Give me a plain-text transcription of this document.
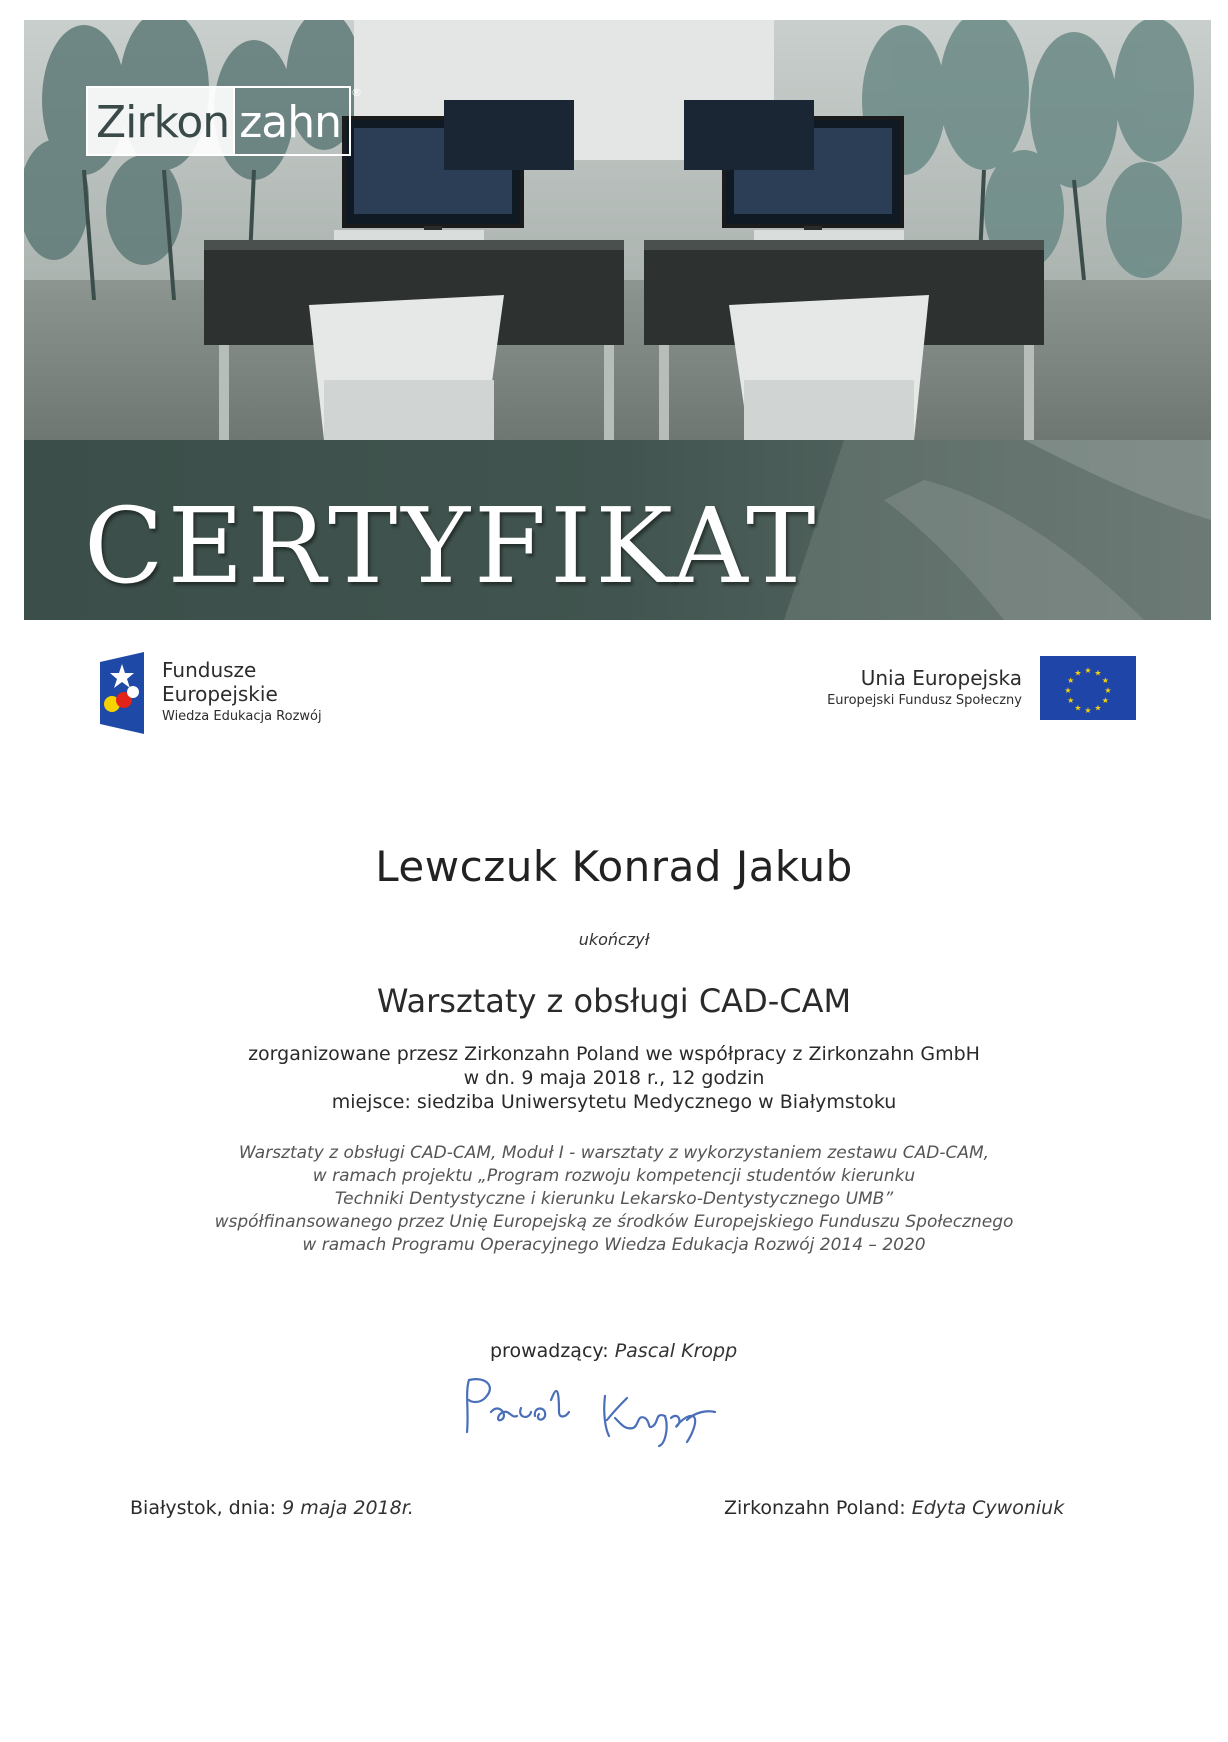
Zirkon zahn
®
CERTYFIKAT
Fundusze
Europejskie
Wiedza Edukacja Rozwój
Unia Europejska
Europejski Fundusz Społeczny
★ ★
★
★
★
★
★
★
★
★
★
★
Lewczuk Konrad Jakub
ukończył
Warsztaty z obsługi CAD-CAM
zorganizowane przesz Zirkonzahn Poland we współpracy z Zirkonzahn GmbH
w dn. 9 maja 2018 r., 12 godzin
miejsce: siedziba Uniwersytetu Medycznego w Białymstoku
Warsztaty z obsługi CAD-CAM, Moduł I - warsztaty z wykorzystaniem zestawu CAD-CAM,
w ramach projektu „Program rozwoju kompetencji studentów kierunku
Techniki Dentystyczne i kierunku Lekarsko-Dentystycznego UMB”
współfinansowanego przez Unię Europejską ze środków Europejskiego Funduszu Społecznego
w ramach Programu Operacyjnego Wiedza Edukacja Rozwój 2014 – 2020
prowadzący: Pascal Kropp
Białystok, dnia: 9 maja 2018r.	Zirkonzahn Poland: Edyta Cywoniuk
